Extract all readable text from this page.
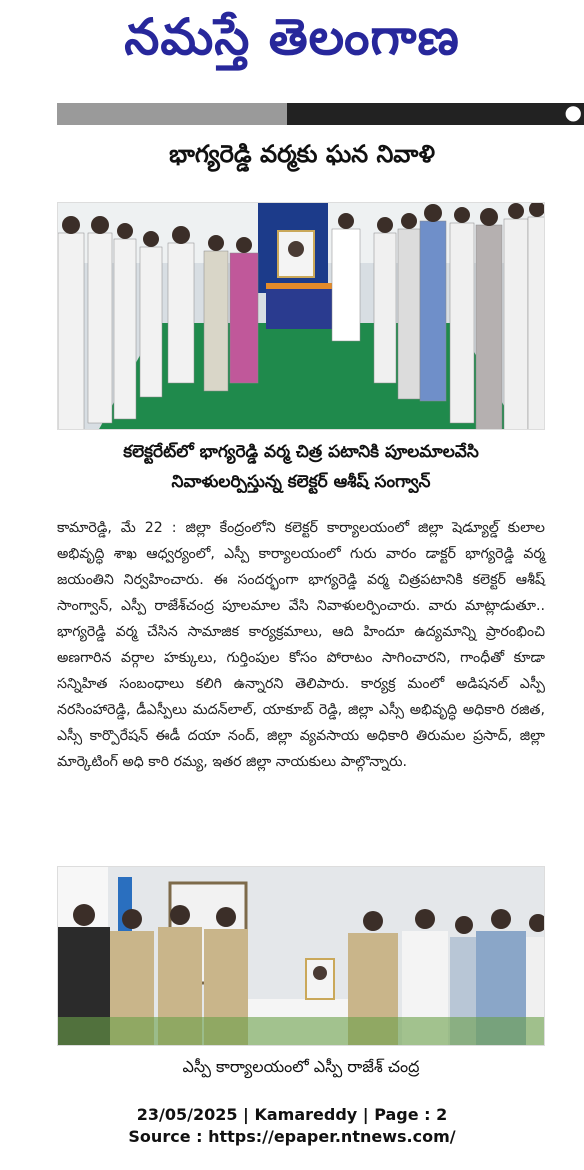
నమస్తే తెలంగాణ
●
భాగ్యరెడ్డి వర్మకు ఘన నివాళి
కలెక్టరేట్‌లో భాగ్యరెడ్డి వర్మ చిత్ర పటానికి పూలమాలవేసి
నివాళులర్పిస్తున్న కలెక్టర్ ఆశీష్ సంగ్వాన్
కామారెడ్డి, మే 22 : జిల్లా కేంద్రంలోని కలెక్టర్ కార్యాలయంలో జిల్లా షెడ్యూల్డ్ కులాల అభివృద్ధి శాఖ ఆధ్వర్యంలో, ఎస్పీ కార్యాలయంలో గురు వారం డాక్టర్ భాగ్యరెడ్డి వర్మ జయంతిని నిర్వహించారు. ఈ సందర్భంగా భాగ్యరెడ్డి వర్మ చిత్రపటానికి కలెక్టర్ ఆశీష్ సాంగ్వాన్, ఎస్పీ రాజేశ్‌చంద్ర పూలమాల వేసి నివాళులర్పించారు. వారు మాట్లాడుతూ.. భాగ్యరెడ్డి వర్మ చేసిన సామాజిక కార్యక్రమాలు, ఆది హిందూ ఉద్యమాన్ని ప్రారంభించి అణగారిన వర్గాల హక్కులు, గుర్తింపుల కోసం పోరాటం సాగించారని, గాంధీతో కూడా సన్నిహిత సంబంధాలు కలిగి ఉన్నారని తెలిపారు. కార్యక్ర మంలో అడిషనల్ ఎస్పీ నరసింహారెడ్డి, డీఎస్పీలు మదన్‌లాల్, యాకూబ్ రెడ్డి, జిల్లా ఎస్సీ అభివృద్ధి అధికారి రజిత, ఎస్సీ కార్పొరేషన్ ఈడీ దయా నంద్, జిల్లా వ్యవసాయ అధికారి తిరుమల ప్రసాద్, జిల్లా మార్కెటింగ్ అధి కారి రమ్య, ఇతర జిల్లా నాయకులు పాల్గొన్నారు.
ఎస్పీ కార్యాలయంలో ఎస్పీ రాజేశ్ చంద్ర
23/05/2025 | Kamareddy | Page : 2
Source : https://epaper.ntnews.com/
